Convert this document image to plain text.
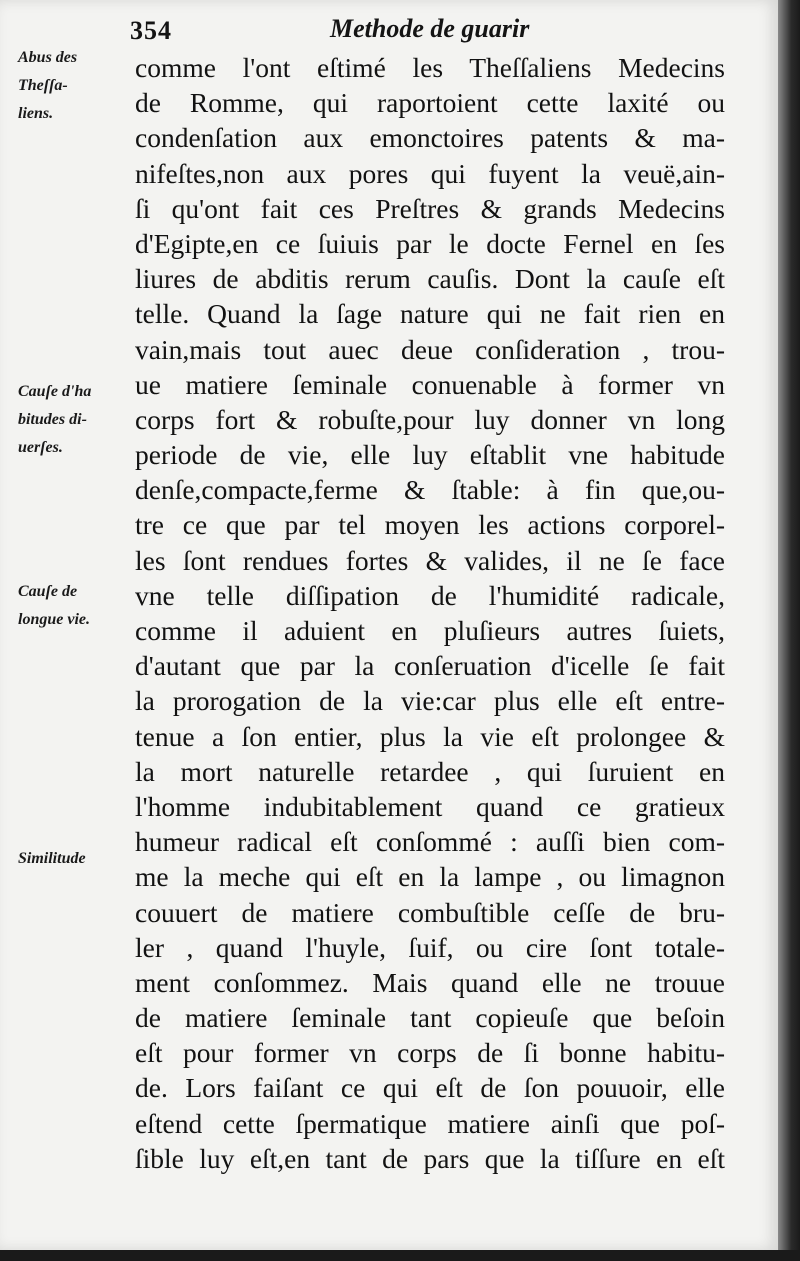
354	Methode de guarir
Abus des
Theſſa-
liens.
Cauſe d'ha
bitudes di-
uerſes.
Cauſe de
longue vie.
Similitude
comme l'ont eſtimé les Theſſaliens Medecins
de Romme, qui raportoient cette laxité ou
condenſation aux emonctoires patents & ma-
nifeſtes,non aux pores qui fuyent la veuë,ain-
ſi qu'ont fait ces Preſtres & grands Medecins
d'Egipte,en ce ſuiuis par le docte Fernel en ſes
liures de abditis rerum cauſis. Dont la cauſe eſt
telle. Quand la ſage nature qui ne fait rien en
vain,mais tout auec deue conſideration , trou-
ue matiere ſeminale conuenable à former vn
corps fort & robuſte,pour luy donner vn long
periode de vie, elle luy eſtablit vne habitude
denſe,compacte,ferme & ſtable: à fin que,ou-
tre ce que par tel moyen les actions corporel-
les ſont rendues fortes & valides, il ne ſe face
vne telle diſſipation de l'humidité radicale,
comme il aduient en pluſieurs autres ſuiets,
d'autant que par la conſeruation d'icelle ſe fait
la prorogation de la vie:car plus elle eſt entre-
tenue a ſon entier, plus la vie eſt prolongee &
la mort naturelle retardee , qui ſuruient en
l'homme indubitablement quand ce gratieux
humeur radical eſt conſommé : auſſi bien com-
me la meche qui eſt en la lampe , ou limagnon
couuert de matiere combuſtible ceſſe de bru-
ler , quand l'huyle, ſuif, ou cire ſont totale-
ment conſommez. Mais quand elle ne trouue
de matiere ſeminale tant copieuſe que beſoin
eſt pour former vn corps de ſi bonne habitu-
de. Lors faiſant ce qui eſt de ſon pouuoir, elle
eſtend cette ſpermatique matiere ainſi que poſ-
ſible luy eſt,en tant de pars que la tiſſure en eſt
